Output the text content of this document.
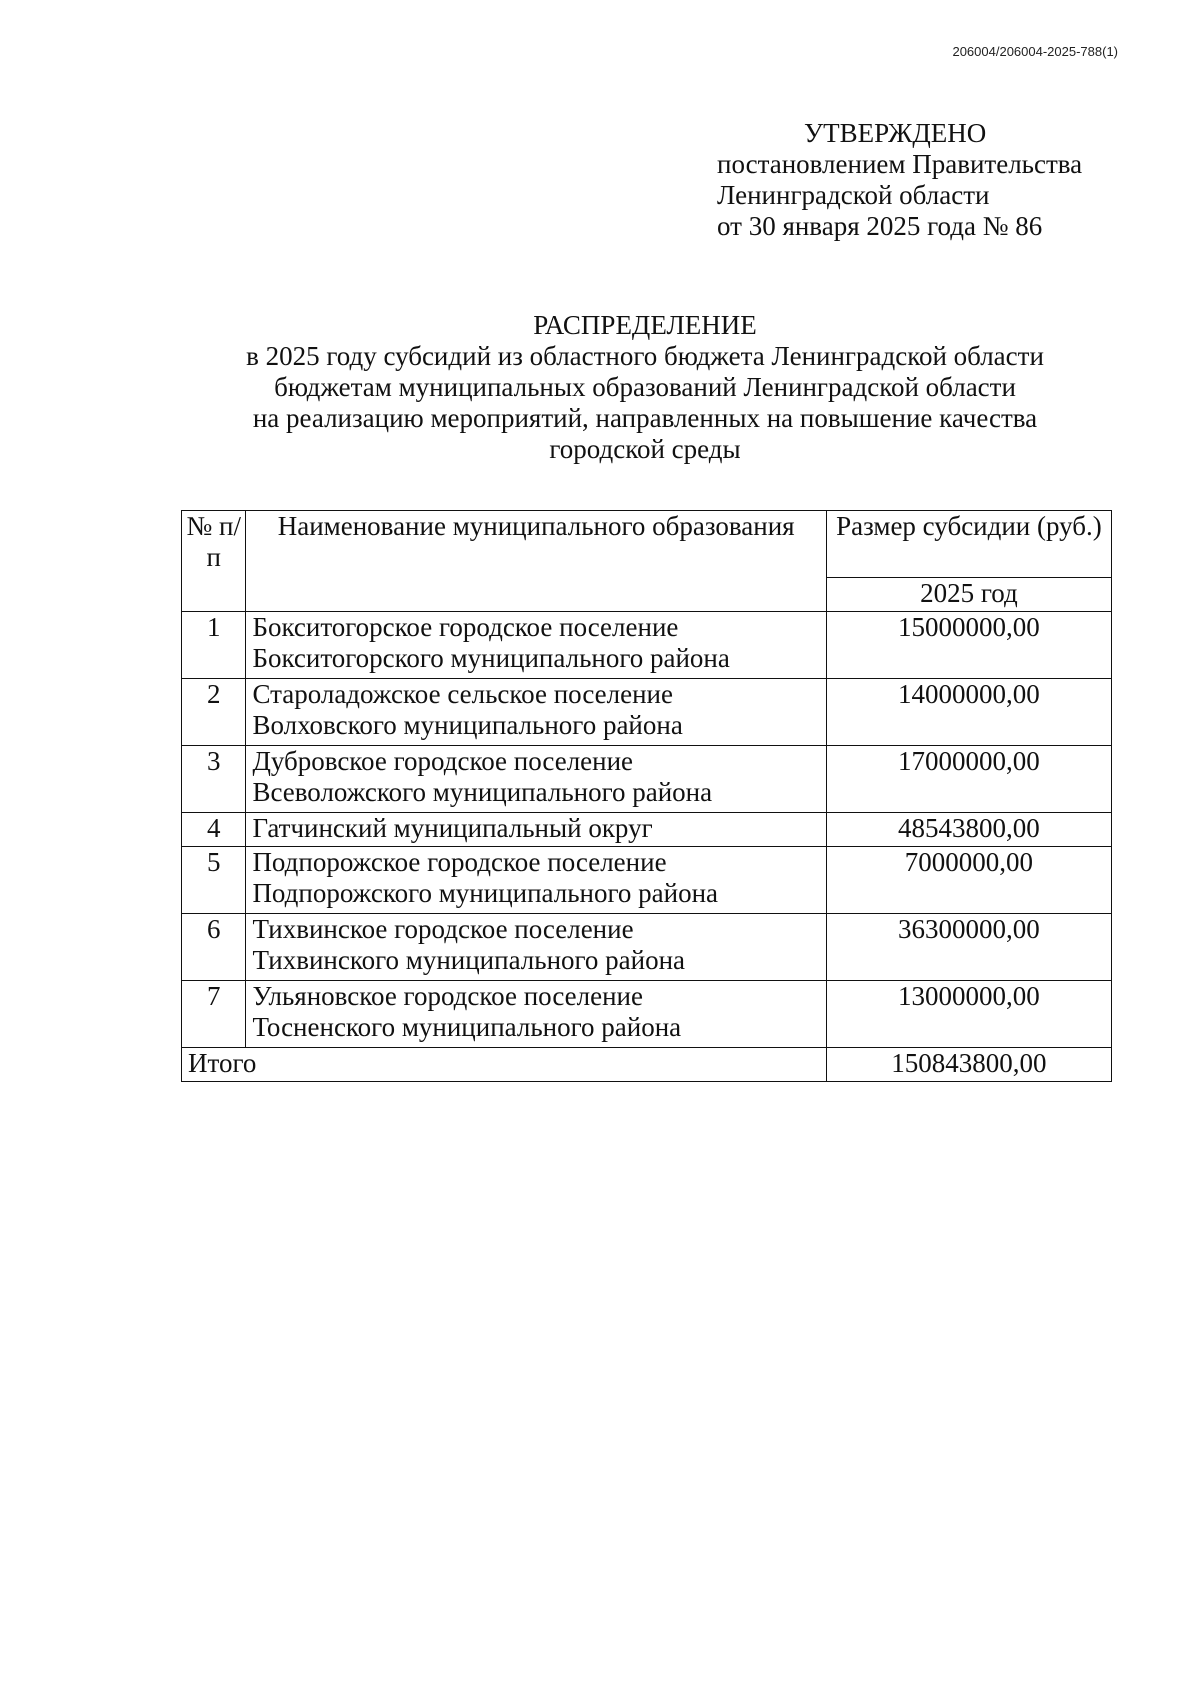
206004/206004-2025-788(1)
УТВЕРЖДЕНО
постановлением Правительства
Ленинградской области
от 30 января 2025 года № 86
РАСПРЕДЕЛЕНИЕ
в 2025 году субсидий из областного бюджета Ленинградской области
бюджетам муниципальных образований Ленинградской области
на реализацию мероприятий, направленных на повышение качества
городской среды
№ п/п	Наименование муниципального образования	Размер субсидии (руб.)
		2025 год
1	Бокситогорское городское поселение
Бокситогорского муниципального района	15000000,00
2	Староладожское сельское поселение
Волховского муниципального района	14000000,00
3	Дубровское городское поселение
Всеволожского муниципального района	17000000,00
4	Гатчинский муниципальный округ	48543800,00
5	Подпорожское городское поселение
Подпорожского муниципального района	7000000,00
6	Тихвинское городское поселение
Тихвинского муниципального района	36300000,00
7	Ульяновское городское поселение
Тосненского муниципального района	13000000,00
Итого		150843800,00
